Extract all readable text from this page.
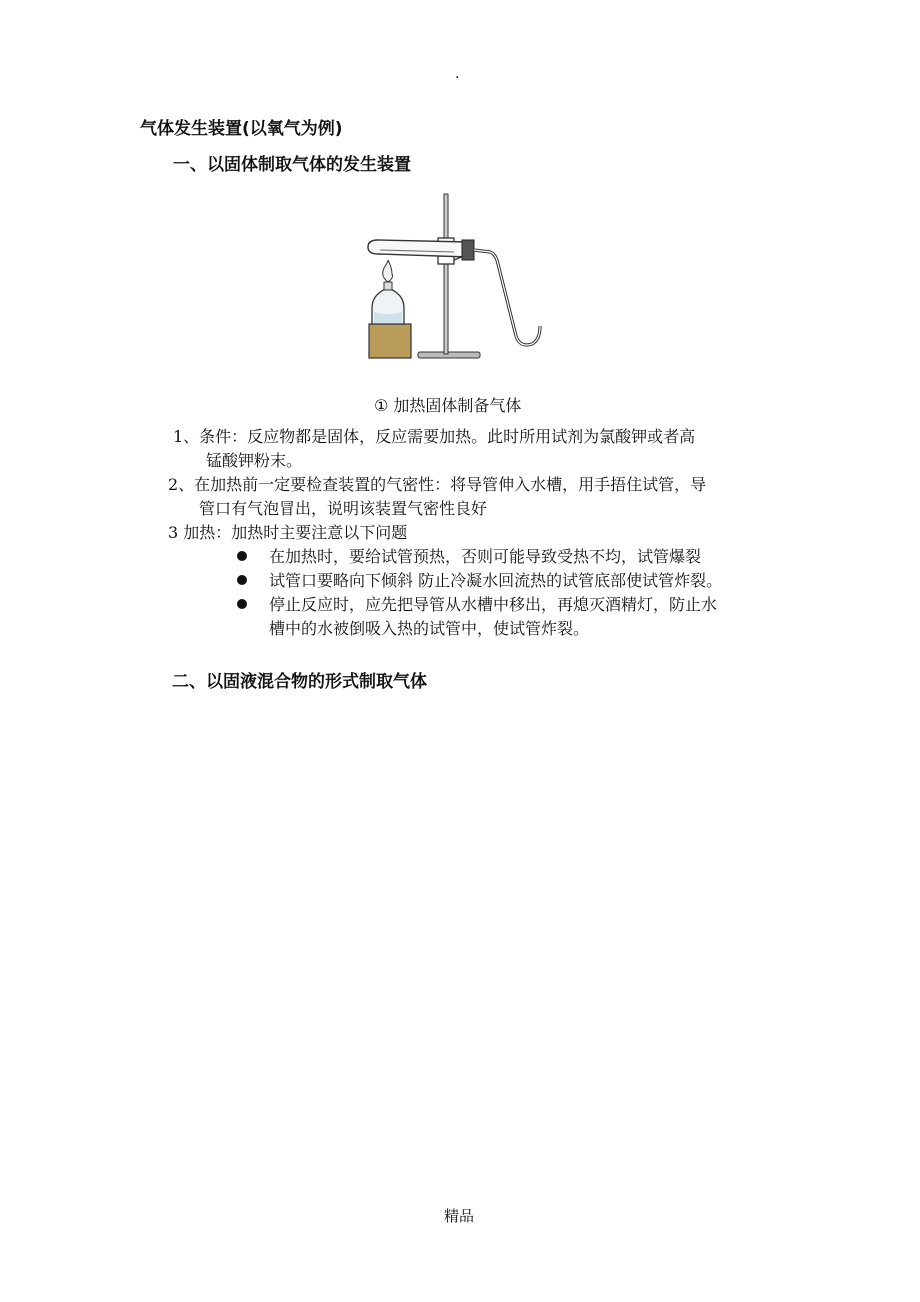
.
气体发生装置(以氧气为例)
一、以固体制取气体的发生装置
① 加热固体制备气体
1、条件：反应物都是固体，反应需要加热。此时所用试剂为氯酸钾或者高
锰酸钾粉末。
2、在加热前一定要检查装置的气密性：将导管伸入水槽，用手捂住试管，导
管口有气泡冒出，说明该装置气密性良好
3 加热：加热时主要注意以下问题
在加热时，要给试管预热，否则可能导致受热不均，试管爆裂
试管口要略向下倾斜 防止冷凝水回流热的试管底部使试管炸裂。
停止反应时，应先把导管从水槽中移出，再熄灭酒精灯，防止水
槽中的水被倒吸入热的试管中，使试管炸裂。
二、以固液混合物的形式制取气体
精品
